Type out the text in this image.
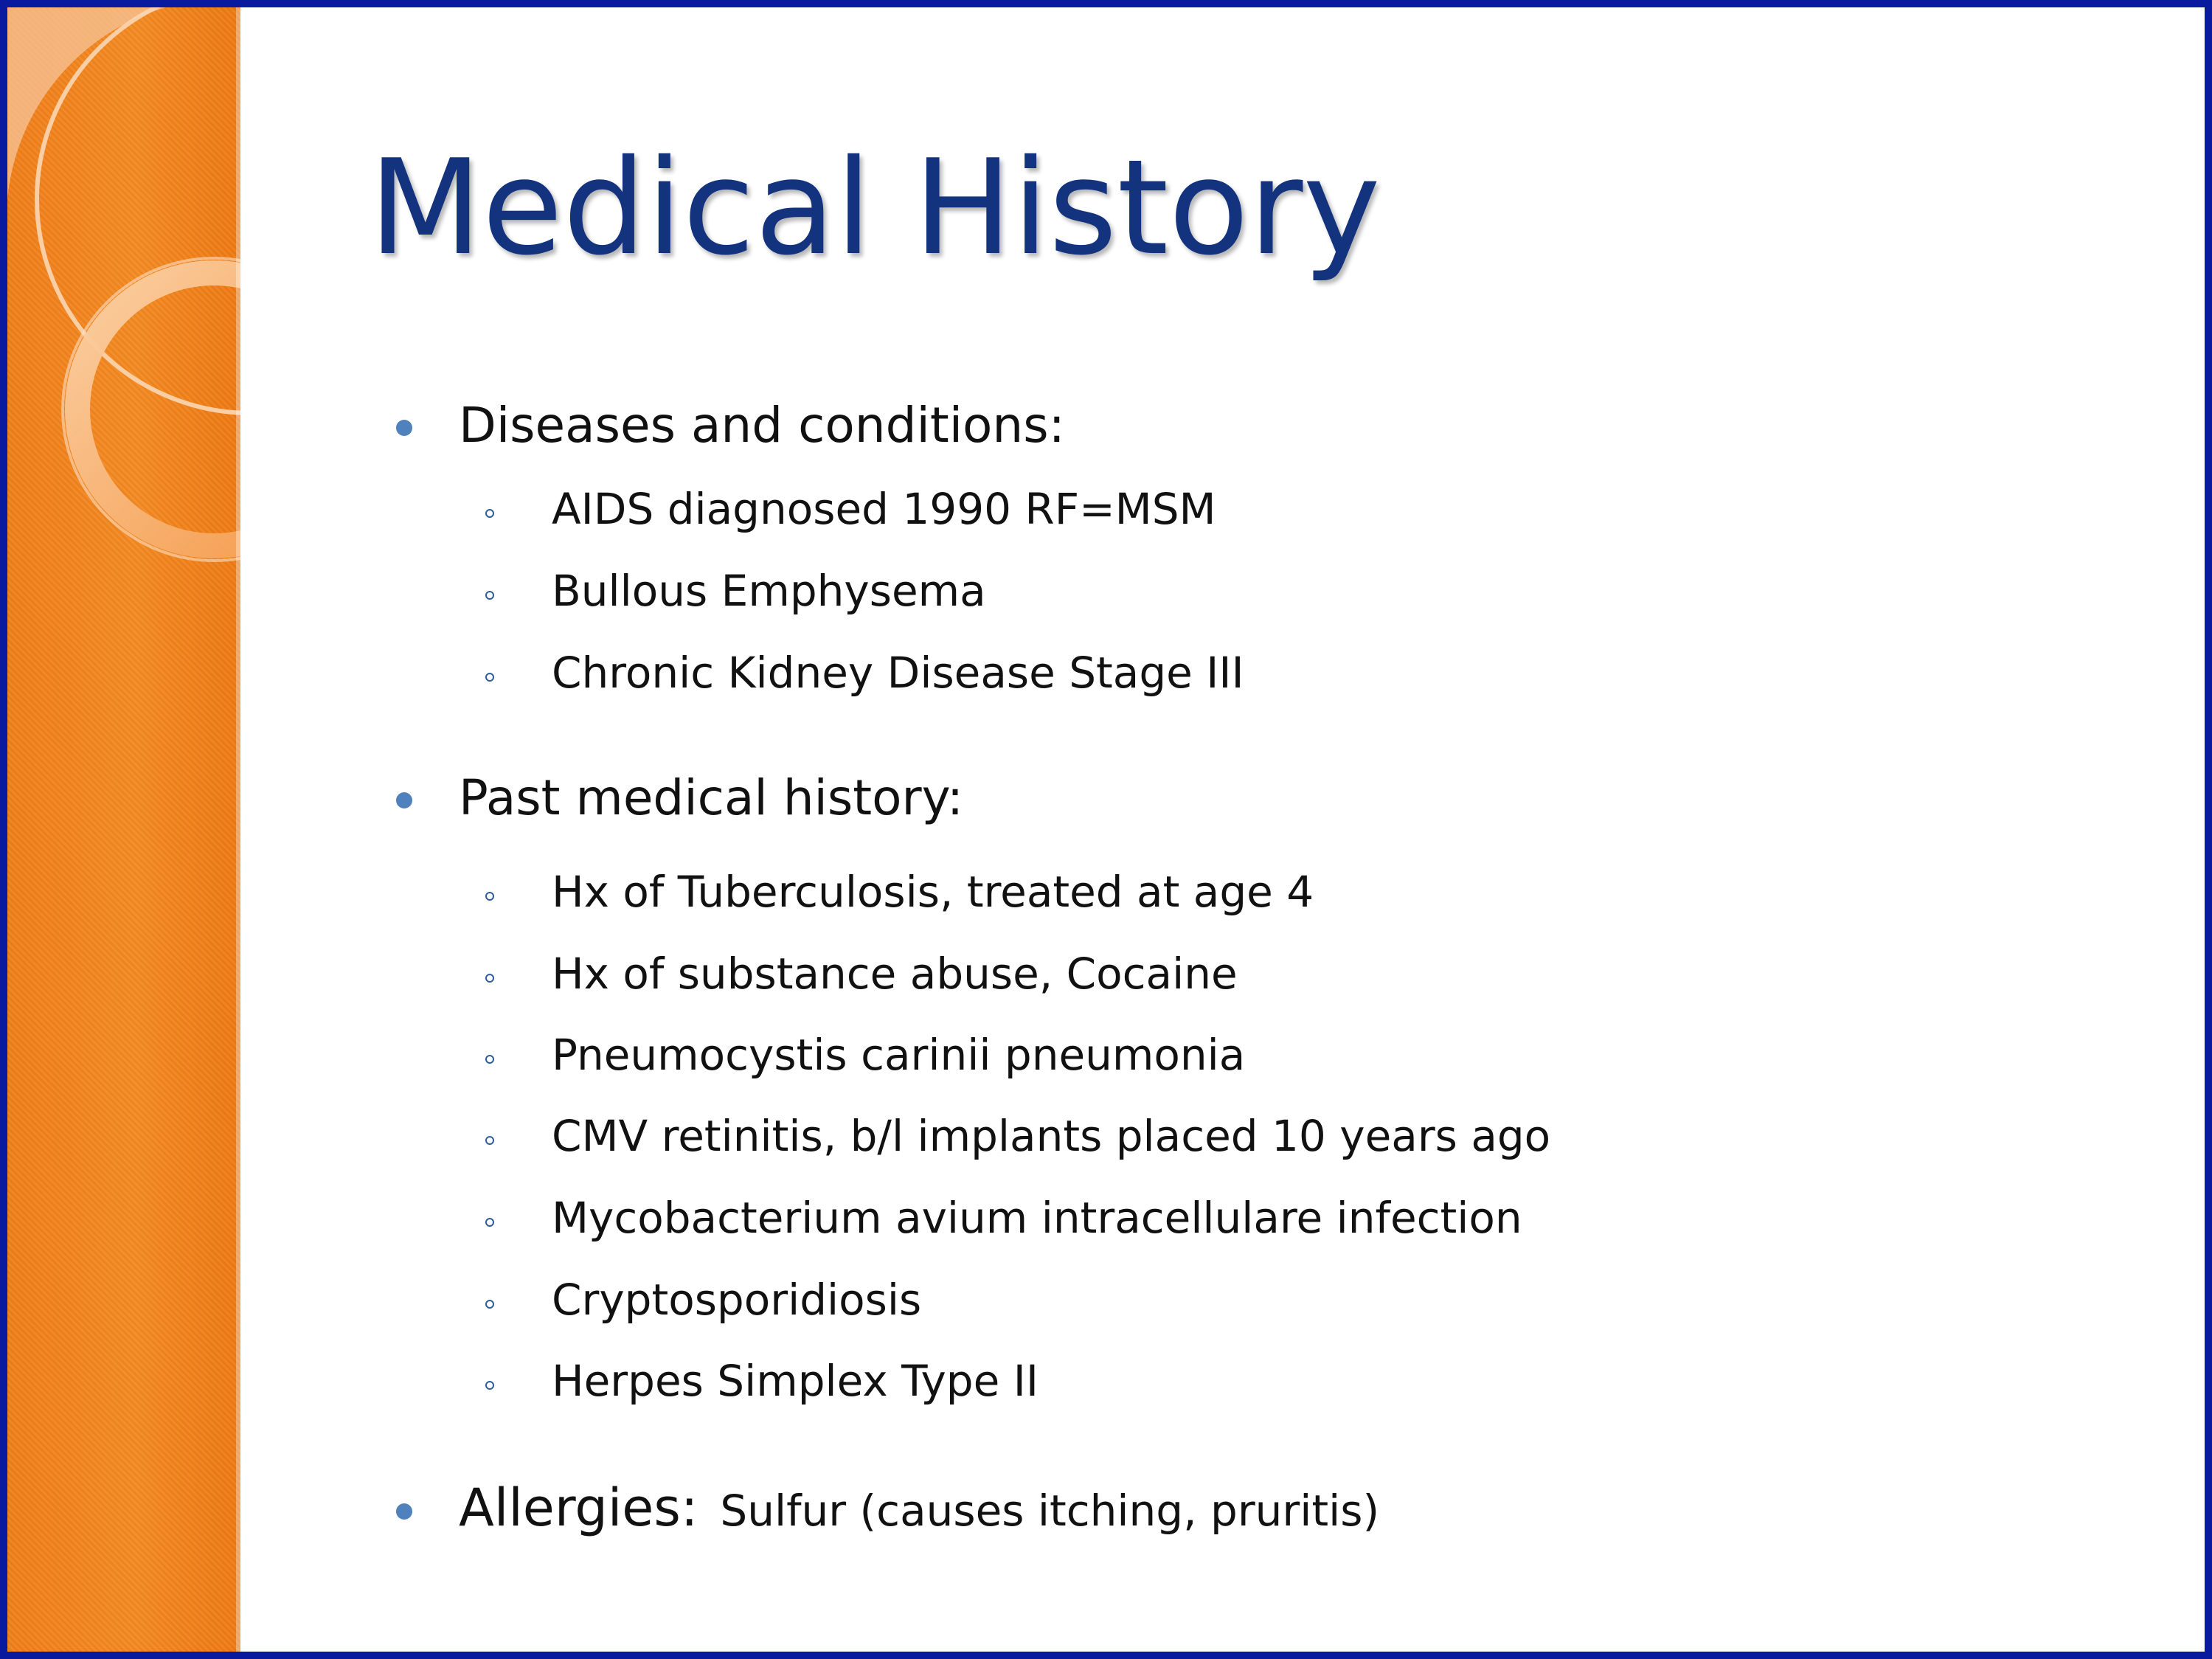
Medical History
Diseases and conditions:
AIDS diagnosed 1990 RF=MSM
Bullous Emphysema
Chronic Kidney Disease Stage III
Past medical history:
Hx of Tuberculosis, treated at age 4
Hx of substance abuse, Cocaine
Pneumocystis carinii pneumonia
CMV retinitis, b/l implants placed 10 years ago
Mycobacterium avium intracellulare infection
Cryptosporidiosis
Herpes Simplex Type II
Allergies: Sulfur (causes itching, pruritis)
